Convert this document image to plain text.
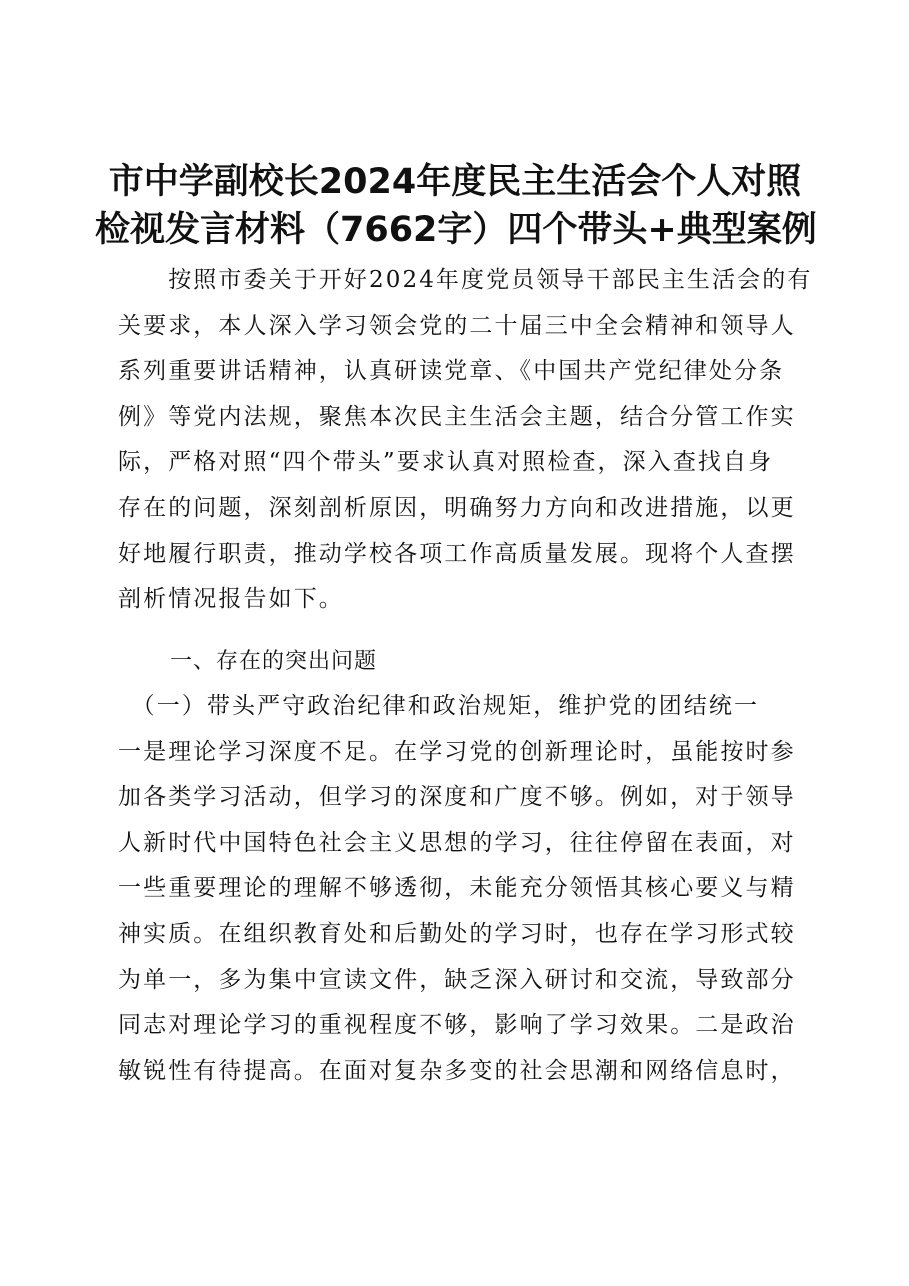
市中学副校长2024年度民主生活会个人对照
检视发言材料（7662字）四个带头+典型案例
　　按照市委关于开好2024年度党员领导干部民主生活会的有
关要求，本人深入学习领会党的二十届三中全会精神和领导人
系列重要讲话精神，认真研读党章、《中国共产党纪律处分条
例》等党内法规，聚焦本次民主生活会主题，结合分管工作实
际，严格对照“四个带头”要求认真对照检查，深入查找自身
存在的问题，深刻剖析原因，明确努力方向和改进措施，以更
好地履行职责，推动学校各项工作高质量发展。现将个人查摆
剖析情况报告如下。
一、存在的突出问题
　（一）带头严守政治纪律和政治规矩，维护党的团结统一
一是理论学习深度不足。在学习党的创新理论时，虽能按时参
加各类学习活动，但学习的深度和广度不够。例如，对于领导
人新时代中国特色社会主义思想的学习，往往停留在表面，对
一些重要理论的理解不够透彻，未能充分领悟其核心要义与精
神实质。在组织教育处和后勤处的学习时，也存在学习形式较
为单一，多为集中宣读文件，缺乏深入研讨和交流，导致部分
同志对理论学习的重视程度不够，影响了学习效果。二是政治
敏锐性有待提高。在面对复杂多变的社会思潮和网络信息时，
